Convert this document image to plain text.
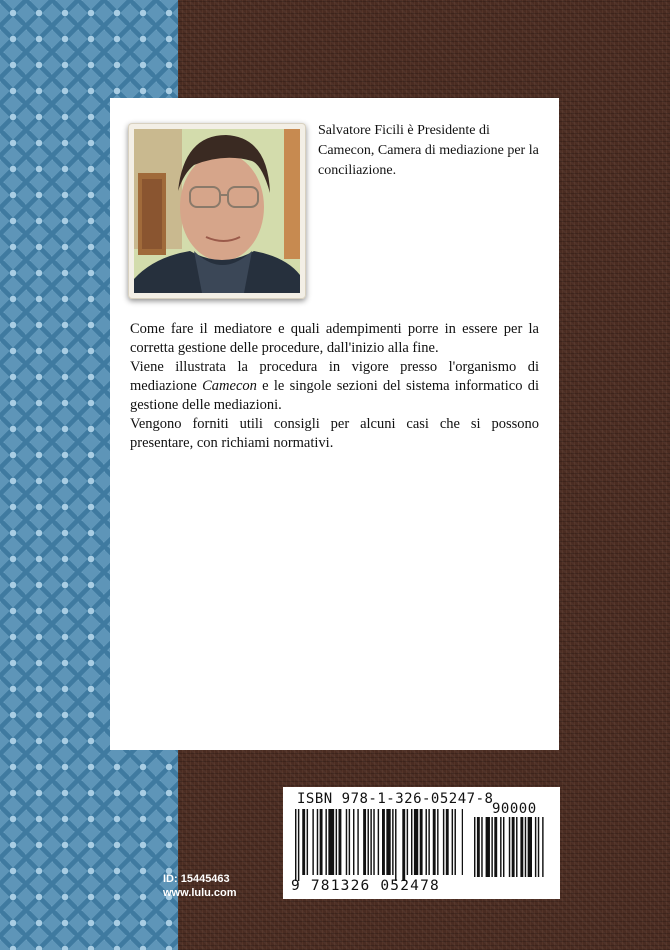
Salvatore Ficili è Presidente di Camecon, Camera di mediazione per la conciliazione.

Come fare il mediatore e quali adempimenti porre in essere per la corretta gestione delle procedure, dall'inizio alla fine.

Viene illustrata la procedura in vigore presso l'organismo di mediazione Camecon e le singole sezioni del sistema informatico di gestione delle mediazioni.

Vengono forniti utili consigli per alcuni casi che si possono presentare, con richiami normativi.

ISBN 978-1-326-05247-8
90000
9 781326 052478
ID: 15445463
www.lulu.com
